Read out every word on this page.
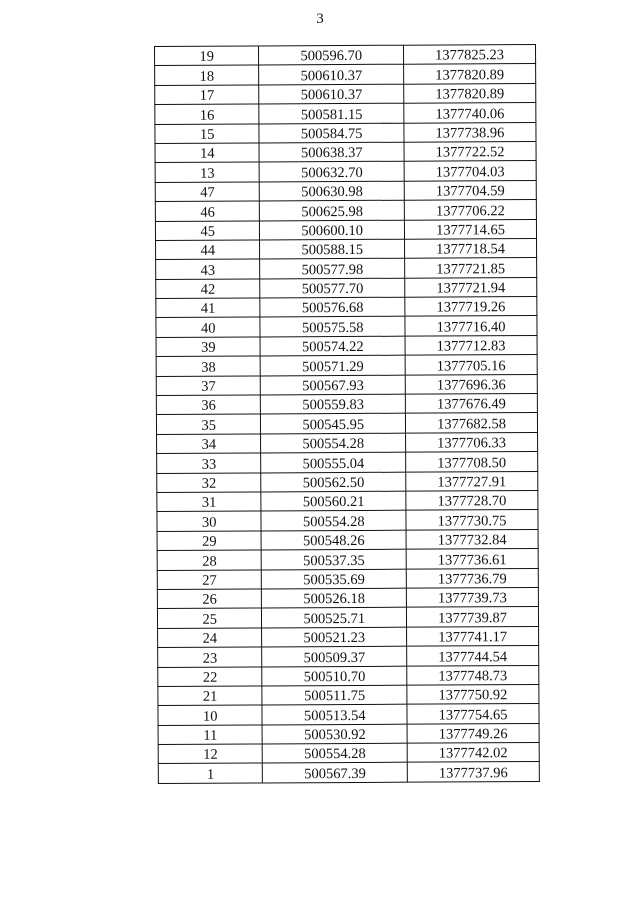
3
19	500596.70	1377825.23
18	500610.37	1377820.89
17	500610.37	1377820.89
16	500581.15	1377740.06
15	500584.75	1377738.96
14	500638.37	1377722.52
13	500632.70	1377704.03
47	500630.98	1377704.59
46	500625.98	1377706.22
45	500600.10	1377714.65
44	500588.15	1377718.54
43	500577.98	1377721.85
42	500577.70	1377721.94
41	500576.68	1377719.26
40	500575.58	1377716.40
39	500574.22	1377712.83
38	500571.29	1377705.16
37	500567.93	1377696.36
36	500559.83	1377676.49
35	500545.95	1377682.58
34	500554.28	1377706.33
33	500555.04	1377708.50
32	500562.50	1377727.91
31	500560.21	1377728.70
30	500554.28	1377730.75
29	500548.26	1377732.84
28	500537.35	1377736.61
27	500535.69	1377736.79
26	500526.18	1377739.73
25	500525.71	1377739.87
24	500521.23	1377741.17
23	500509.37	1377744.54
22	500510.70	1377748.73
21	500511.75	1377750.92
10	500513.54	1377754.65
11	500530.92	1377749.26
12	500554.28	1377742.02
1	500567.39	1377737.96
